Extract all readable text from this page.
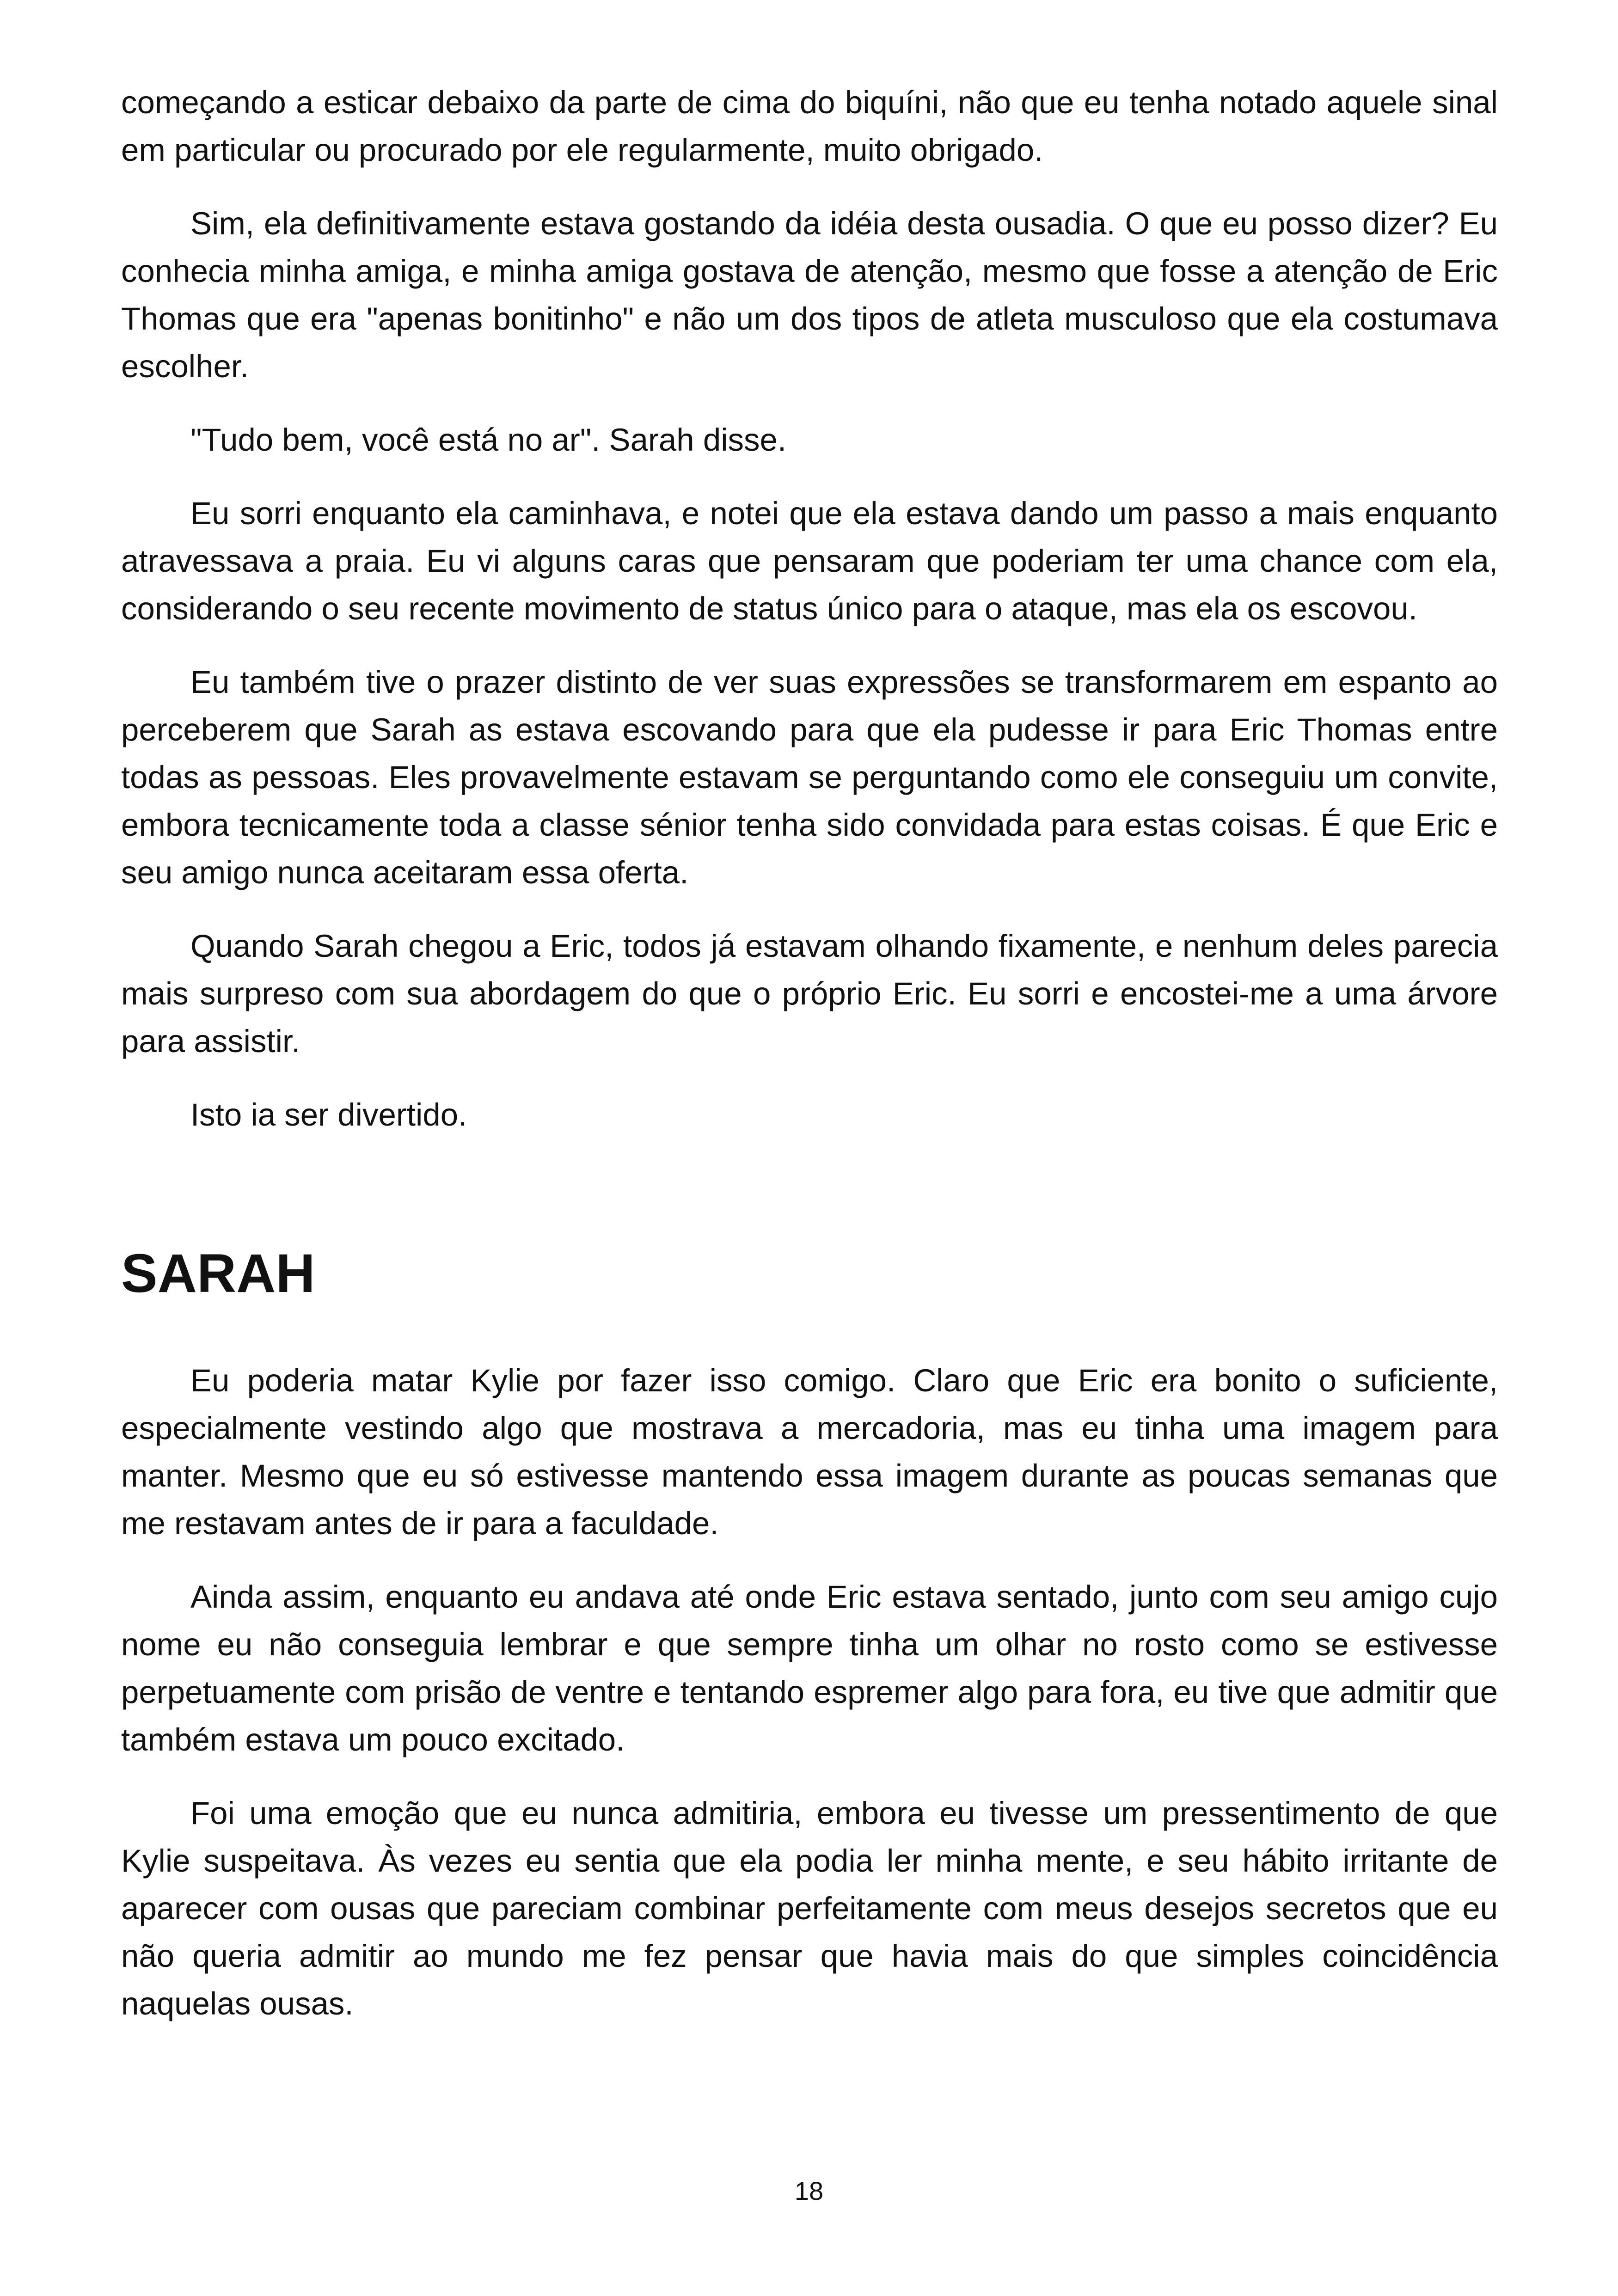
começando a esticar debaixo da parte de cima do biquíni, não que eu tenha notado aquele sinal em particular ou procurado por ele regularmente, muito obrigado.

Sim, ela definitivamente estava gostando da idéia desta ousadia. O que eu posso dizer? Eu conhecia minha amiga, e minha amiga gostava de atenção, mesmo que fosse a atenção de Eric Thomas que era "apenas bonitinho" e não um dos tipos de atleta musculoso que ela costumava escolher.

"Tudo bem, você está no ar". Sarah disse.

Eu sorri enquanto ela caminhava, e notei que ela estava dando um passo a mais enquanto atravessava a praia. Eu vi alguns caras que pensaram que poderiam ter uma chance com ela, considerando o seu recente movimento de status único para o ataque, mas ela os escovou.

Eu também tive o prazer distinto de ver suas expressões se transformarem em espanto ao perceberem que Sarah as estava escovando para que ela pudesse ir para Eric Thomas entre todas as pessoas. Eles provavelmente estavam se perguntando como ele conseguiu um convite, embora tecnicamente toda a classe sénior tenha sido convidada para estas coisas. É que Eric e seu amigo nunca aceitaram essa oferta.

Quando Sarah chegou a Eric, todos já estavam olhando fixamente, e nenhum deles parecia mais surpreso com sua abordagem do que o próprio Eric. Eu sorri e encostei-me a uma árvore para assistir.

Isto ia ser divertido.

SARAH

Eu poderia matar Kylie por fazer isso comigo. Claro que Eric era bonito o suficiente, especialmente vestindo algo que mostrava a mercadoria, mas eu tinha uma imagem para manter. Mesmo que eu só estivesse mantendo essa imagem durante as poucas semanas que me restavam antes de ir para a faculdade.

Ainda assim, enquanto eu andava até onde Eric estava sentado, junto com seu amigo cujo nome eu não conseguia lembrar e que sempre tinha um olhar no rosto como se estivesse perpetuamente com prisão de ventre e tentando espremer algo para fora, eu tive que admitir que também estava um pouco excitado.

Foi uma emoção que eu nunca admitiria, embora eu tivesse um pressentimento de que Kylie suspeitava. Às vezes eu sentia que ela podia ler minha mente, e seu hábito irritante de aparecer com ousas que pareciam combinar perfeitamente com meus desejos secretos que eu não queria admitir ao mundo me fez pensar que havia mais do que simples coincidência naquelas ousas.

18
